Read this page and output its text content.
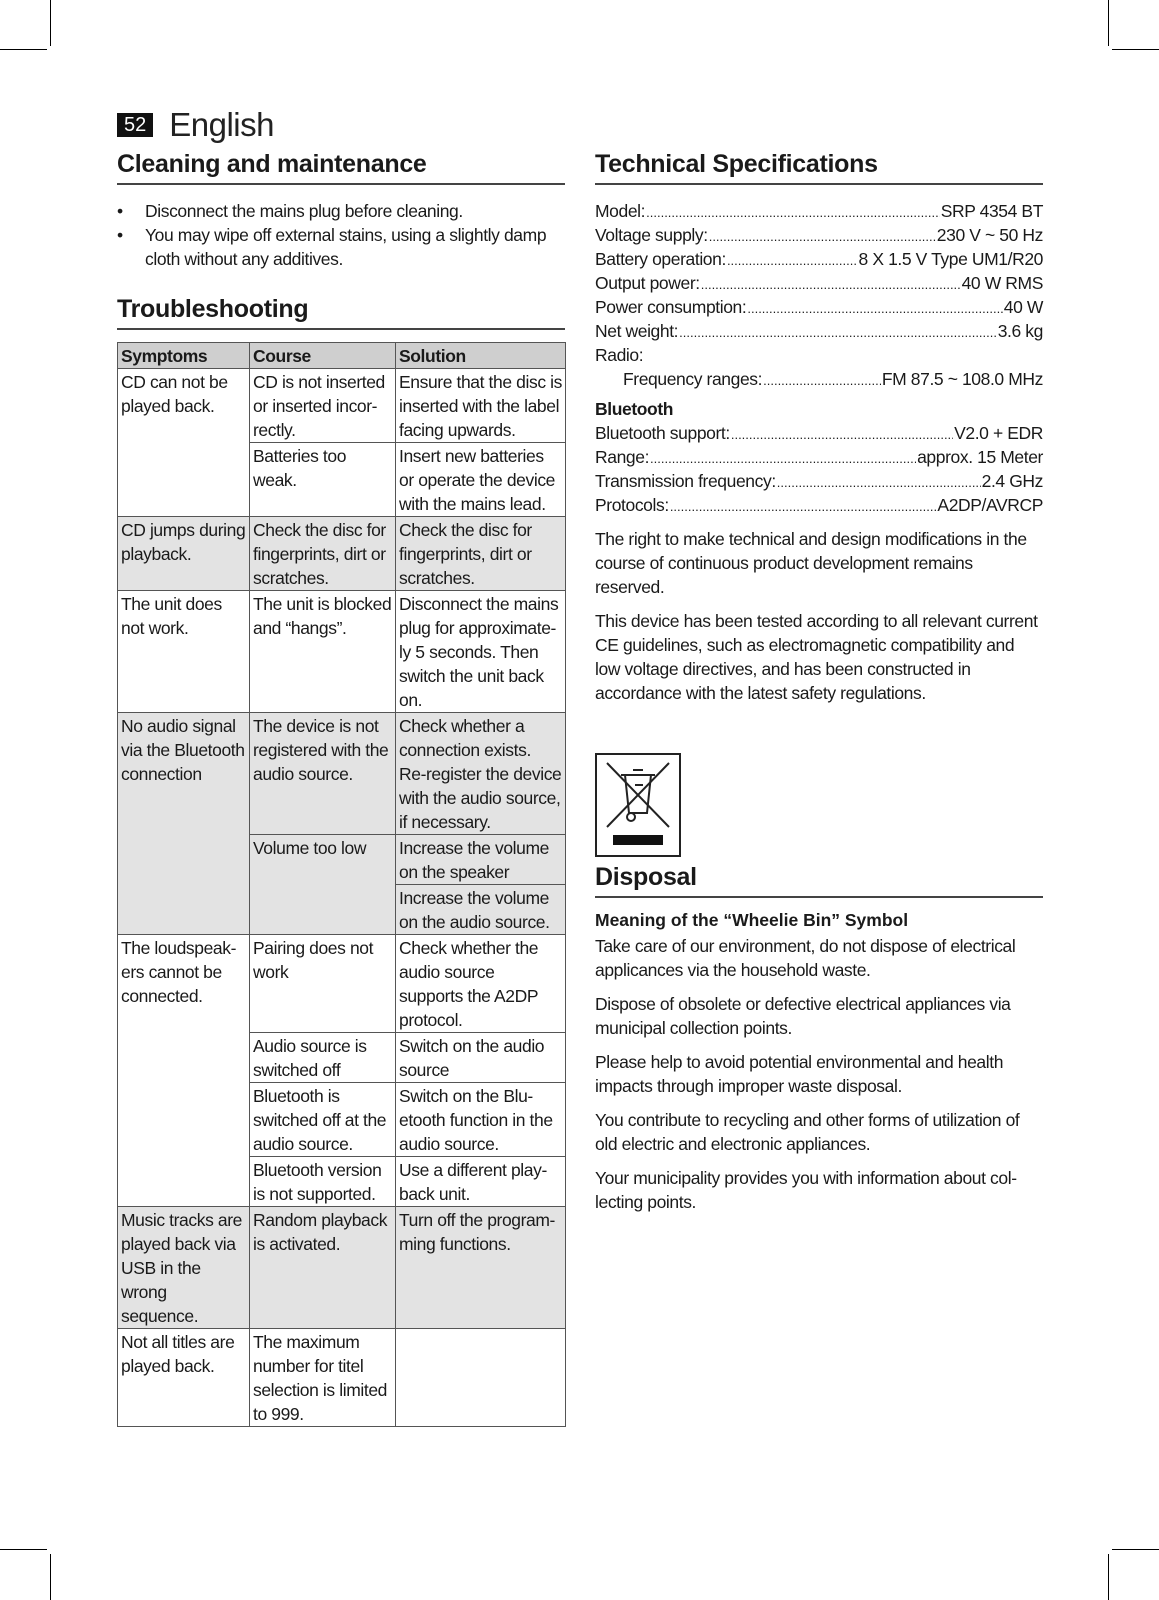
52 English
Cleaning and maintenance
• Disconnect the mains plug before cleaning.
• You may wipe off external stains, using a slightly damp cloth without any additives.
Troubleshooting
Symptoms	Course	Solution
CD can not be played back.	CD is not inserted or inserted incor-rectly.	Ensure that the disc is inserted with the label facing upwards.
	Batteries too weak.	Insert new batteries or operate the device with the mains lead.
CD jumps during playback.	Check the disc for fingerprints, dirt or scratches.	Check the disc for fingerprints, dirt or scratches.
The unit does not work.	The unit is blocked and “hangs”.	Disconnect the mains plug for approximate-ly 5 seconds. Then switch the unit back on.
No audio signal via the Bluetooth connection	The device is not registered with the audio source.	Check whether a connection exists. Re-register the device with the audio source, if necessary.
	Volume too low	Increase the volume on the speaker
		Increase the volume on the audio source.
The loudspeak-ers cannot be connected.	Pairing does not work	Check whether the audio source supports the A2DP protocol.
	Audio source is switched off	Switch on the audio source
	Bluetooth is switched off at the audio source.	Switch on the Blu-etooth function in the audio source.
	Bluetooth version is not supported.	Use a different play-back unit.
Music tracks are played back via USB in the wrong sequence.	Random playback is activated.	Turn off the program-ming functions.
Not all titles are played back.	The maximum number for titel selection is limited to 999.	
Technical Specifications
Model: .....	SRP 4354 BT
Voltage supply: .....	230 V ~ 50 Hz
Battery operation: .....	8 X 1.5 V Type UM1/R20
Output power: .....	40 W RMS
Power consumption: .....	40 W
Net weight: .....	3.6 kg
Radio:
Frequency ranges: .....	FM 87.5 ~ 108.0 MHz
Bluetooth
Bluetooth support: .....	V2.0 + EDR
Range: .....	approx. 15 Meter
Transmission frequency: .....	2.4 GHz
Protocols: .....	A2DP/AVRCP

The right to make technical and design modifications in the course of continuous product development remains reserved.

This device has been tested according to all relevant current CE guidelines, such as electromagnetic compatibility and low voltage directives, and has been constructed in accordance with the latest safety regulations.

Disposal
Meaning of the “Wheelie Bin” Symbol

Take care of our environment, do not dispose of electrical applicances via the household waste.

Dispose of obsolete or defective electrical appliances via municipal collection points.

Please help to avoid potential environmental and health impacts through improper waste disposal.

You contribute to recycling and other forms of utilization of old electric and electronic appliances.

Your municipality provides you with information about col-lecting points.
